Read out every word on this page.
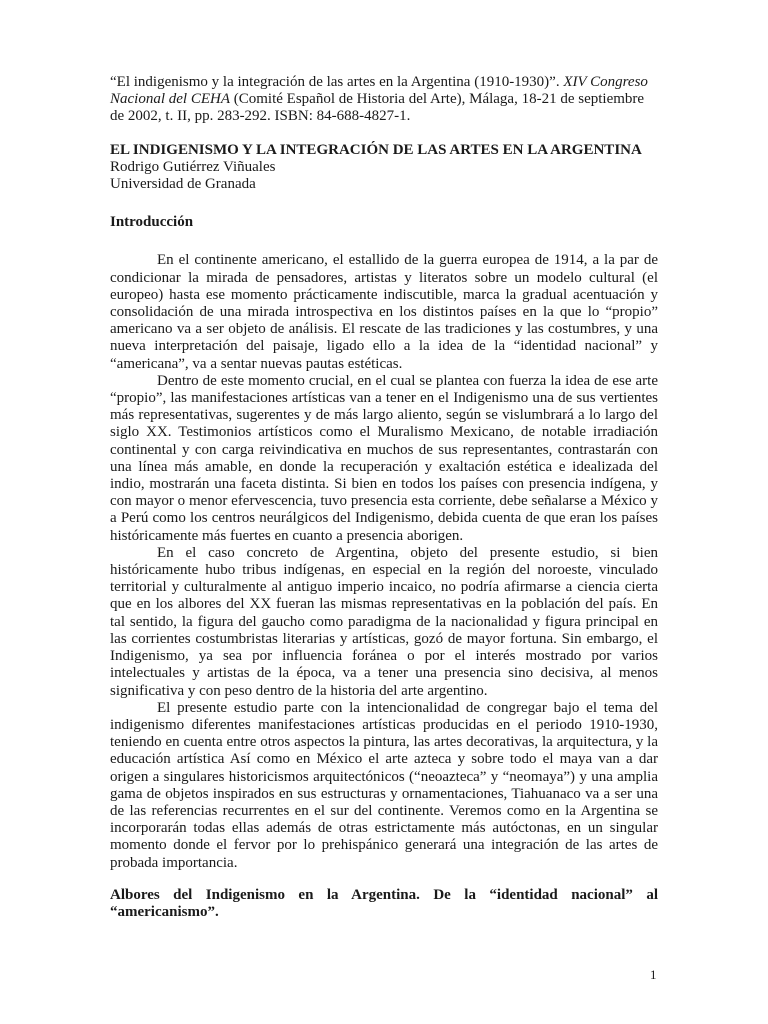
“El indigenismo y la integración de las artes en la Argentina (1910-1930)”. XIV Congreso Nacional del CEHA (Comité Español de Historia del Arte), Málaga, 18-21 de septiembre de 2002, t. II, pp. 283-292. ISBN: 84-688-4827-1.

EL INDIGENISMO Y LA INTEGRACIÓN DE LAS ARTES EN LA ARGENTINA

Rodrigo Gutiérrez Viñuales

Universidad de Granada

Introducción

En el continente americano, el estallido de la guerra europea de 1914, a la par de condicionar la mirada de pensadores, artistas y literatos sobre un modelo cultural (el europeo) hasta ese momento prácticamente indiscutible, marca la gradual acentuación y consolidación de una mirada introspectiva en los distintos países en la que lo “propio” americano va a ser objeto de análisis. El rescate de las tradiciones y las costumbres, y una nueva interpretación del paisaje, ligado ello a la idea de la “identidad nacional” y “americana”, va a sentar nuevas pautas estéticas.

Dentro de este momento crucial, en el cual se plantea con fuerza la idea de ese arte “propio”, las manifestaciones artísticas van a tener en el Indigenismo una de sus vertientes más representativas, sugerentes y de más largo aliento, según se vislumbrará a lo largo del siglo XX. Testimonios artísticos como el Muralismo Mexicano, de notable irradiación continental y con carga reivindicativa en muchos de sus representantes, contrastarán con una línea más amable, en donde la recuperación y exaltación estética e idealizada del indio, mostrarán una faceta distinta. Si bien en todos los países con presencia indígena, y con mayor o menor efervescencia, tuvo presencia esta corriente, debe señalarse a México y a Perú como los centros neurálgicos del Indigenismo, debida cuenta de que eran los países históricamente más fuertes en cuanto a presencia aborigen.

En el caso concreto de Argentina, objeto del presente estudio, si bien históricamente hubo tribus indígenas, en especial en la región del noroeste, vinculado territorial y culturalmente al antiguo imperio incaico, no podría afirmarse a ciencia cierta que en los albores del XX fueran las mismas representativas en la población del país. En tal sentido, la figura del gaucho como paradigma de la nacionalidad y figura principal en las corrientes costumbristas literarias y artísticas, gozó de mayor fortuna. Sin embargo, el Indigenismo, ya sea por influencia foránea o por el interés mostrado por varios intelectuales y artistas de la época, va a tener una presencia sino decisiva, al menos significativa y con peso dentro de la historia del arte argentino.

El presente estudio parte con la intencionalidad de congregar bajo el tema del indigenismo diferentes manifestaciones artísticas producidas en el periodo 1910-1930, teniendo en cuenta entre otros aspectos la pintura, las artes decorativas, la arquitectura, y la educación artística Así como en México el arte azteca y sobre todo el maya van a dar origen a singulares historicismos arquitectónicos (“neoazteca” y “neomaya”) y una amplia gama de objetos inspirados en sus estructuras y ornamentaciones, Tiahuanaco va a ser una de las referencias recurrentes en el sur del continente. Veremos como en la Argentina se incorporarán todas ellas además de otras estrictamente más autóctonas, en un singular momento donde el fervor por lo prehispánico generará una integración de las artes de probada importancia.

Albores del Indigenismo en la Argentina. De la “identidad nacional” al “americanismo”.

1
